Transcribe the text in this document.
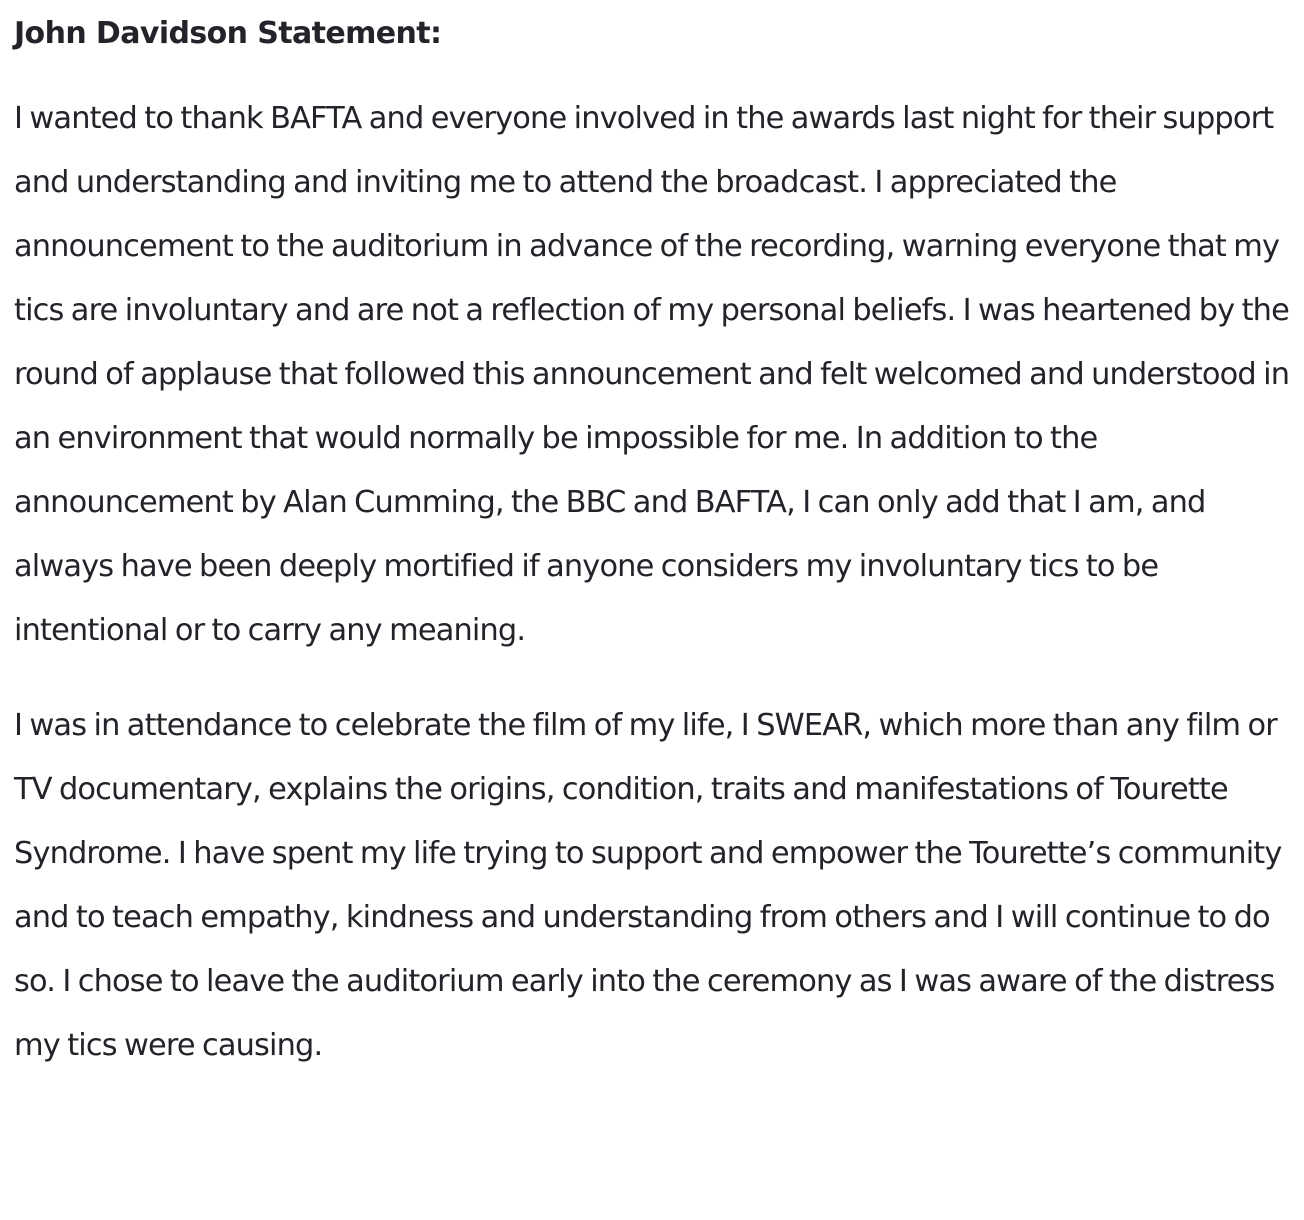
John Davidson Statement:

I wanted to thank BAFTA and everyone involved in the awards last night for their support and understanding and inviting me to attend the broadcast. I appreciated the announcement to the auditorium in advance of the recording, warning everyone that my tics are involuntary and are not a reflection of my personal beliefs. I was heartened by the round of applause that followed this announcement and felt welcomed and understood in an environment that would normally be impossible for me. In addition to the announcement by Alan Cumming, the BBC and BAFTA, I can only add that I am, and always have been deeply mortified if anyone considers my involuntary tics to be intentional or to carry any meaning.

I was in attendance to celebrate the film of my life, I SWEAR, which more than any film or TV documentary, explains the origins, condition, traits and manifestations of Tourette Syndrome. I have spent my life trying to support and empower the Tourette’s community and to teach empathy, kindness and understanding from others and I will continue to do so. I chose to leave the auditorium early into the ceremony as I was aware of the distress my tics were causing.
